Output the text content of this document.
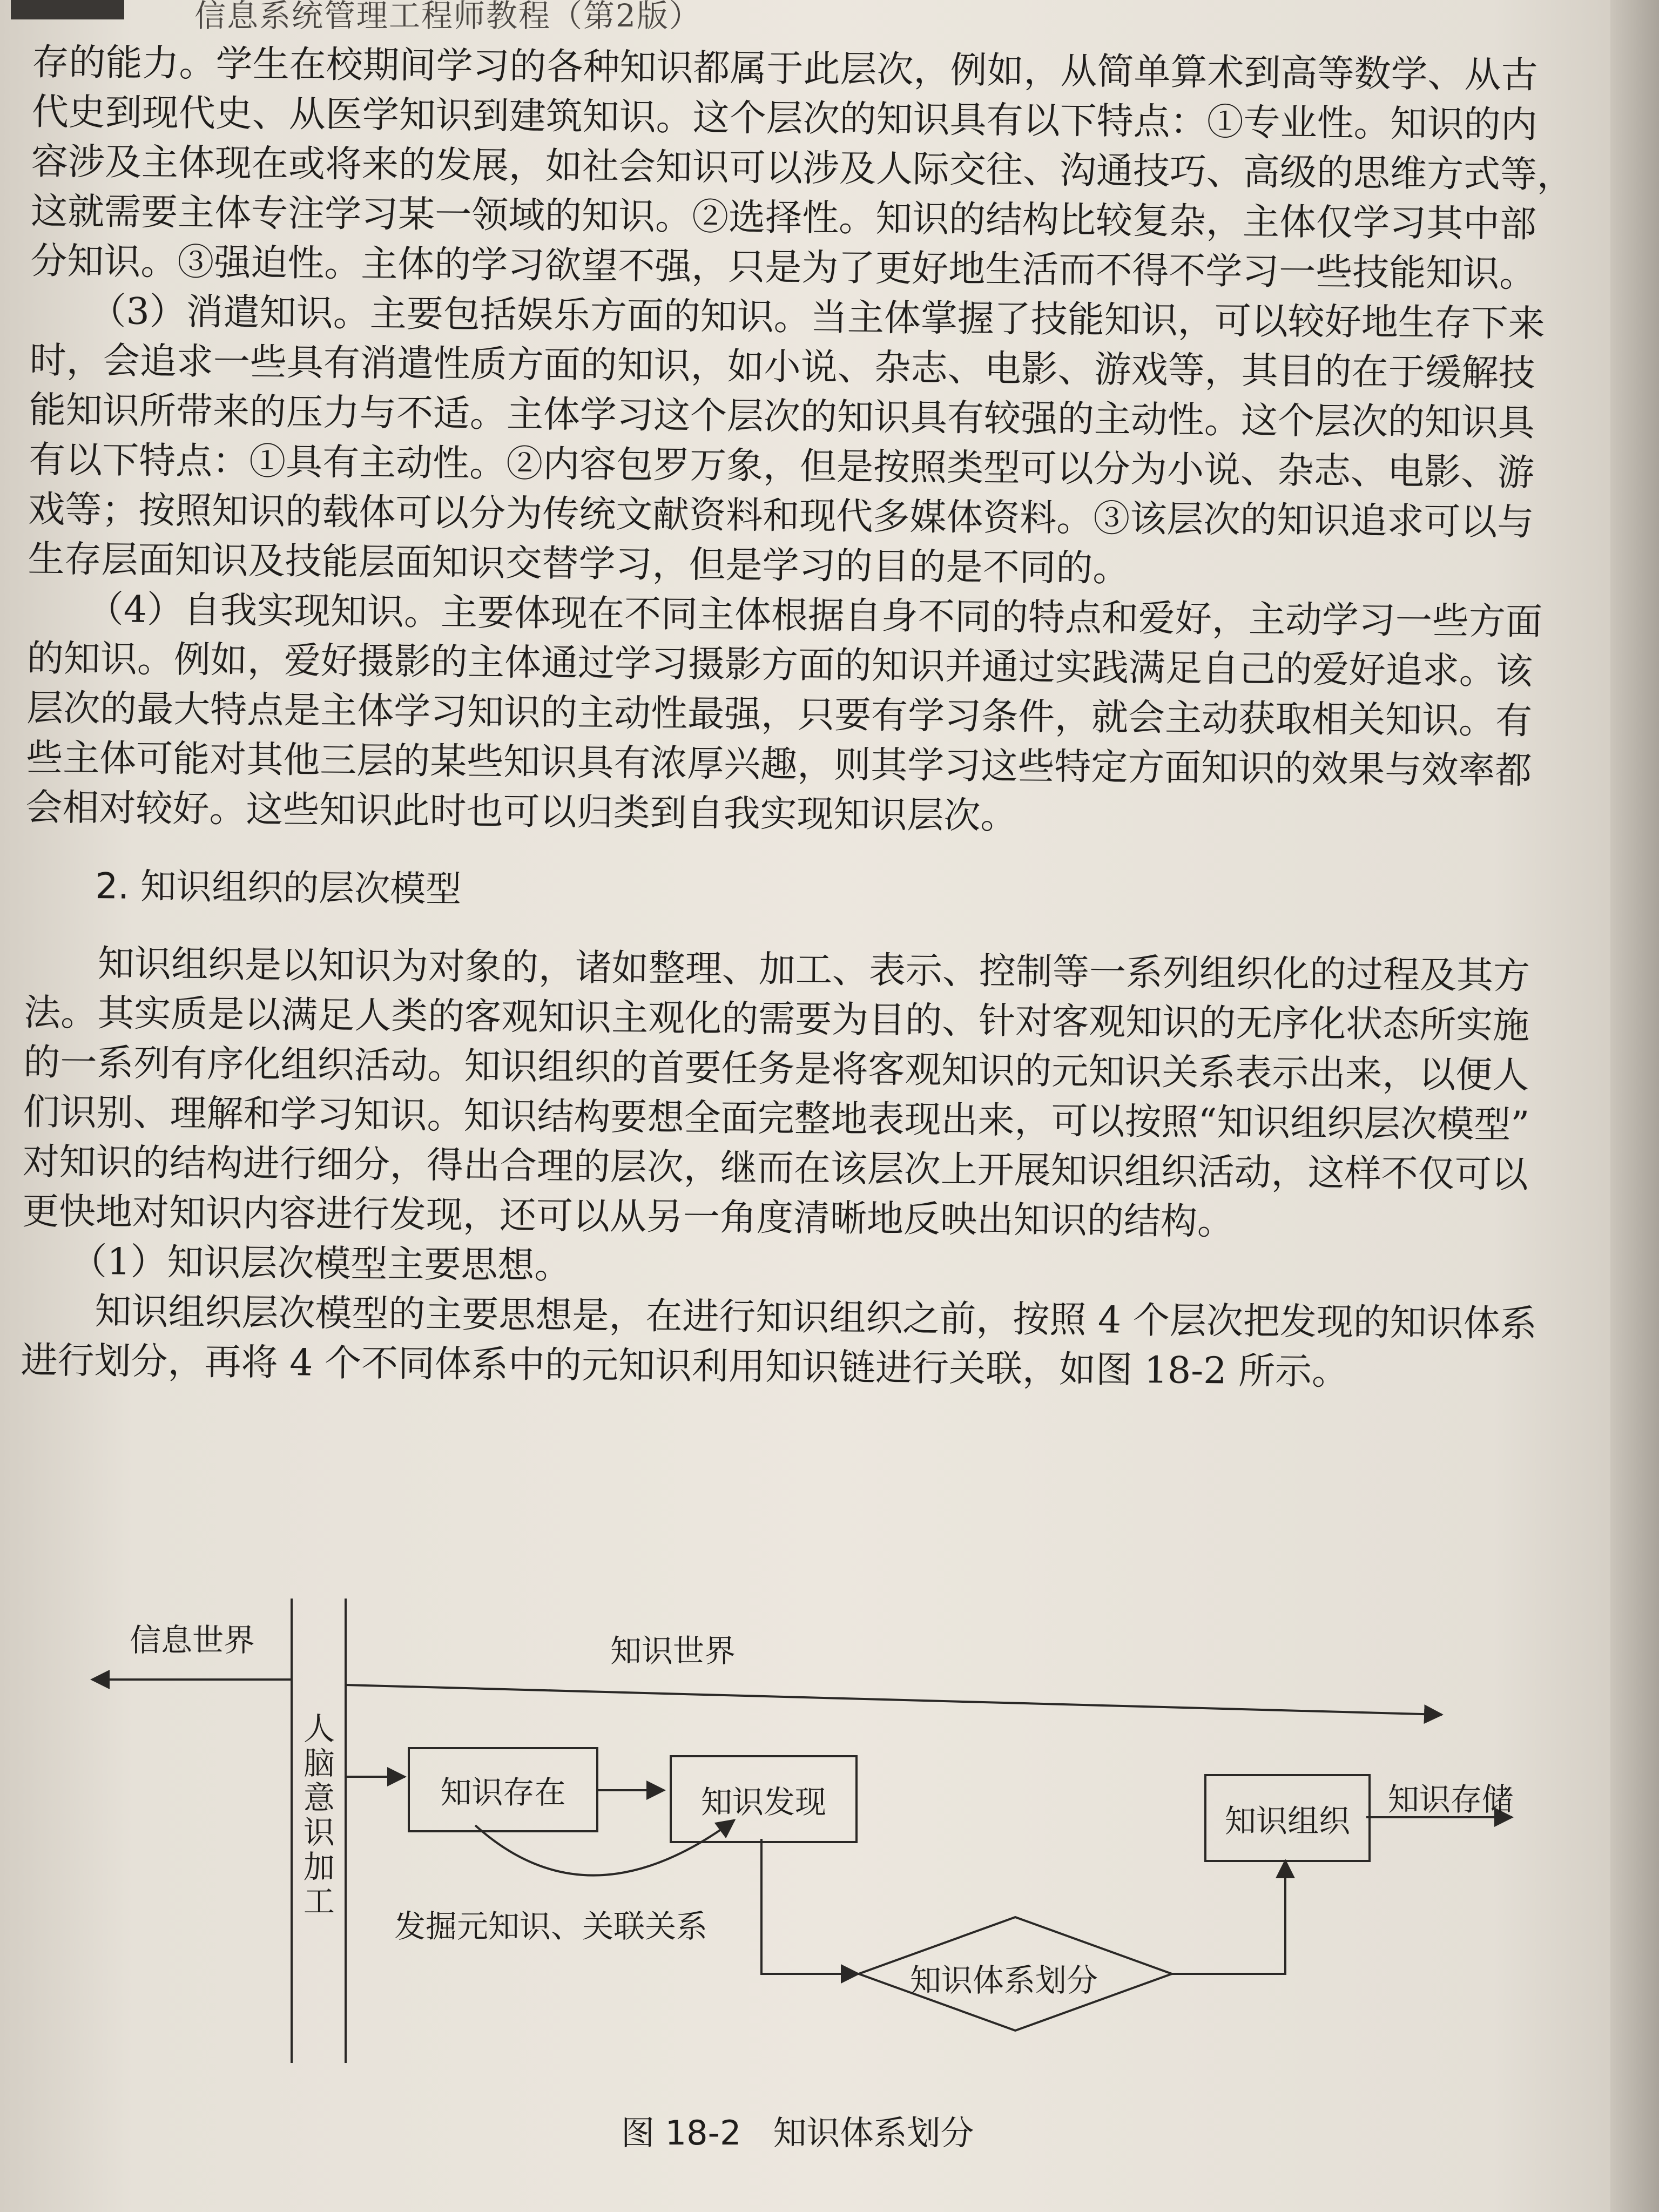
信息系统管理工程师教程（第2版）
存的能力。学生在校期间学习的各种知识都属于此层次，例如，从简单算术到高等数学、从古
代史到现代史、从医学知识到建筑知识。这个层次的知识具有以下特点：①专业性。知识的内
容涉及主体现在或将来的发展，如社会知识可以涉及人际交往、沟通技巧、高级的思维方式等，
这就需要主体专注学习某一领域的知识。②选择性。知识的结构比较复杂，主体仅学习其中部
分知识。③强迫性。主体的学习欲望不强，只是为了更好地生活而不得不学习一些技能知识。
（3）消遣知识。主要包括娱乐方面的知识。当主体掌握了技能知识，可以较好地生存下来
时，会追求一些具有消遣性质方面的知识，如小说、杂志、电影、游戏等，其目的在于缓解技
能知识所带来的压力与不适。主体学习这个层次的知识具有较强的主动性。这个层次的知识具
有以下特点：①具有主动性。②内容包罗万象，但是按照类型可以分为小说、杂志、电影、游
戏等；按照知识的载体可以分为传统文献资料和现代多媒体资料。③该层次的知识追求可以与
生存层面知识及技能层面知识交替学习，但是学习的目的是不同的。
（4）自我实现知识。主要体现在不同主体根据自身不同的特点和爱好，主动学习一些方面
的知识。例如，爱好摄影的主体通过学习摄影方面的知识并通过实践满足自己的爱好追求。该
层次的最大特点是主体学习知识的主动性最强，只要有学习条件，就会主动获取相关知识。有
些主体可能对其他三层的某些知识具有浓厚兴趣，则其学习这些特定方面知识的效果与效率都
会相对较好。这些知识此时也可以归类到自我实现知识层次。
2. 知识组织的层次模型
知识组织是以知识为对象的，诸如整理、加工、表示、控制等一系列组织化的过程及其方
法。其实质是以满足人类的客观知识主观化的需要为目的、针对客观知识的无序化状态所实施
的一系列有序化组织活动。知识组织的首要任务是将客观知识的元知识关系表示出来，以便人
们识别、理解和学习知识。知识结构要想全面完整地表现出来，可以按照“知识组织层次模型”
对知识的结构进行细分，得出合理的层次，继而在该层次上开展知识组织活动，这样不仅可以
更快地对知识内容进行发现，还可以从另一角度清晰地反映出知识的结构。
（1）知识层次模型主要思想。
知识组织层次模型的主要思想是，在进行知识组织之前，按照 4 个层次把发现的知识体系
进行划分，再将 4 个不同体系中的元知识利用知识链进行关联，如图 18-2 所示。
信息世界	知识世界
人脑意识加工	知识存在	知识发现
知识组织
知识体系划分
知识存储
发掘元知识、关联关系
图 18-2   知识体系划分
